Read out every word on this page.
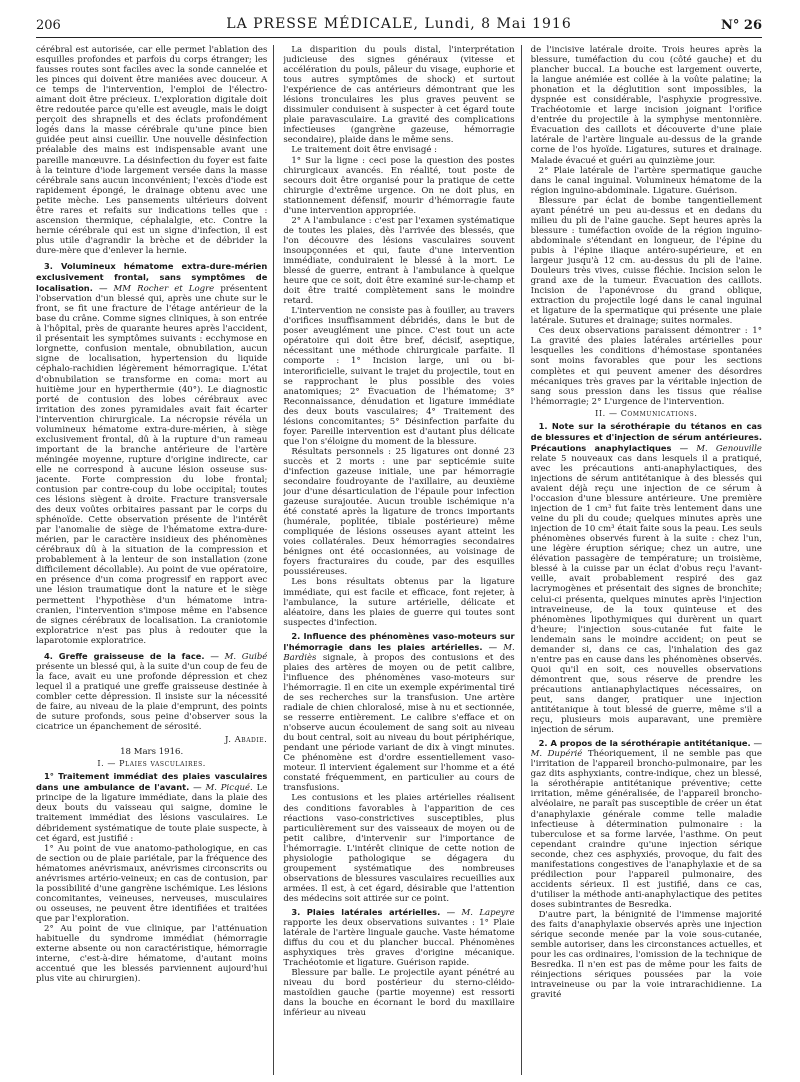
206	LA PRESSE MÉDICALE, Lundi, 8 Mai 1916	N° 26

cérébral est autorisée, car elle permet l'ablation des esquilles profondes et parfois du corps étranger; les fausses routes sont faciles avec la sonde cannelée et les pinces qui doivent être maniées avec douceur. A ce temps de l'intervention, l'emploi de l'électro-aimant doit être précieux. L'exploration digitale doit être redoutée parce qu'elle est aveugle, mais le doigt perçoit des shrapnells et des éclats profondément logés dans la masse cérébrale qu'une pince bien guidée peut ainsi cueillir. Une nouvelle désinfection préalable des mains est indispensable avant une pareille manœuvre. La désinfection du foyer est faite à la teinture d'iode largement versée dans la masse cérébrale sans aucun inconvénient; l'excès d'iode est rapidement épongé, le drainage obtenu avec une petite mèche. Les pansements ultérieurs doivent être rares et refaits sur indications telles que : ascension thermique, céphalalgie, etc. Contre la hernie cérébrale qui est un signe d'infection, il est plus utile d'agrandir la brèche et de débrider la dure-mère que d'enlever la hernie.

3. Volumineux hématome extra-dure-mérien exclusivement frontal, sans symptômes de localisation. — MM Rocher et Logre présentent l'observation d'un blessé qui, après une chute sur le front, se fit une fracture de l'étage antérieur de la base du crâne. Comme signes cliniques, à son entrée à l'hôpital, près de quarante heures après l'accident, il présentait les symptômes suivants : ecchymose en lorgnette, confusion mentale, obnubilation, aucun signe de localisation, hypertension du liquide céphalo-rachidien légèrement hémorragique. L'état d'obnubilation se transforme en coma: mort au huitième jour en hyperthermie (40°). Le diagnostic porté de contusion des lobes cérébraux avec irritation des zones pyramidales avait fait écarter l'intervention chirurgicale. La nécropsie révéla un volumineux hématome extra-dure-mérien, à siège exclusivement frontal, dû à la rupture d'un rameau important de la branche antérieure de l'artère méningée moyenne, rupture d'origine indirecte, car elle ne correspond à aucune lésion osseuse sus-jacente. Forte compression du lobe frontal; contusion par contre-coup du lobe occipital; toutes ces lésions siègent à droite. Fracture transversale des deux voûtes orbitaires passant par le corps du sphénoïde. Cette observation présente de l'intérêt par l'anomalie de siège de l'hématome extra-dure-mérien, par le caractère insidieux des phénomènes cérébraux dû à la situation de la compression et probablement à la lenteur de son installation (zone difficilement décollable). Au point de vue opératoire, en présence d'un coma progressif en rapport avec une lésion traumatique dont la nature et le siège permettent l'hypothèse d'un hématome intra-cranien, l'intervention s'impose même en l'absence de signes cérébraux de localisation. La craniotomie exploratrice n'est pas plus à redouter que la laparotomie exploratrice.

4. Greffe graisseuse de la face. — M. Guibé présente un blessé qui, à la suite d'un coup de feu de la face, avait eu une profonde dépression et chez lequel il a pratiqué une greffe graisseuse destinée à combler cette dépression. Il insiste sur la nécessité de faire, au niveau de la plaie d'emprunt, des points de suture profonds, sous peine d'observer sous la cicatrice un épanchement de sérosité.

J. Abadie.
18 Mars 1916.
I. — Plaies vasculaires.

1° Traitement immédiat des plaies vasculaires dans une ambulance de l'avant. — M. Picqué. Le principe de la ligature immédiate, dans la plaie des deux bouts du vaisseau qui saigne, domine le traitement immédiat des lésions vasculaires. Le débridement systématique de toute plaie suspecte, à cet égard, est justifié :

1° Au point de vue anatomo-pathologique, en cas de section ou de plaie pariétale, par la fréquence des hématomes anévrismaux, anévrismes circonscrits ou anévrismes artério-veineux; en cas de contusion, par la possibilité d'une gangrène ischémique. Les lésions concomitantes, veineuses, nerveuses, musculaires ou osseuses, ne peuvent être identifiées et traitées que par l'exploration.

2° Au point de vue clinique, par l'atténuation habituelle du syndrome immédiat (hémorragie externe absente ou non caractéristique, hémorragie interne, c'est-à-dire hématome, d'autant moins accentué que les blessés parviennent aujourd'hui plus vite au chirurgien).

La disparition du pouls distal, l'interprétation judicieuse des signes généraux (vitesse et accélération du pouls, pâleur du visage, euphorie et tous autres symptômes de shock) et surtout l'expérience de cas antérieurs démontrant que les lésions tronculaires les plus graves peuvent se dissimuler conduisent à suspecter à cet égard toute plaie paravasculaire. La gravité des complications infectieuses (gangrène gazeuse, hémorragie secondaire), plaide dans le même sens.

Le traitement doit être envisagé :

1° Sur la ligne : ceci pose la question des postes chirurgicaux avancés. En réalité, tout poste de secours doit être organisé pour la pratique de cette chirurgie d'extrême urgence. On ne doit plus, en stationnement défensif, mourir d'hémorragie faute d'une intervention appropriée.

2° A l'ambulance : c'est par l'examen systématique de toutes les plaies, dès l'arrivée des blessés, que l'on découvre des lésions vasculaires souvent insoupçonnées et qui, faute d'une intervention immédiate, conduiraient le blessé à la mort. Le blessé de guerre, entrant à l'ambulance à quelque heure que ce soit, doit être examiné sur-le-champ et doit être traité complètement sans le moindre retard.

L'intervention ne consiste pas à fouiller, au travers d'orifices insuffisamment débridés, dans le but de poser aveuglément une pince. C'est tout un acte opératoire qui doit être bref, décisif, aseptique, nécessitant une méthode chirurgicale parfaite. Il comporte : 1° Incision large, uni ou bi-interorificielle, suivant le trajet du projectile, tout en se rapprochant le plus possible des voies anatomiques; 2° Évacuation de l'hématome; 3° Reconnaissance, dénudation et ligature immédiate des deux bouts vasculaires; 4° Traitement des lésions concomitantes; 5° Désinfection parfaite du foyer. Pareille intervention est d'autant plus délicate que l'on s'éloigne du moment de la blessure.

Résultats personnels : 25 ligatures ont donné 23 succès et 2 morts : une par septicémie suite d'infection gazeuse initiale, une par hémorragie secondaire foudroyante de l'axillaire, au deuxième jour d'une désarticulation de l'épaule pour infection gazeuse surajoutée. Aucun trouble ischémique n'a été constaté après la ligature de troncs importants (humérale, poplitée, tibiale postérieure) même compliquée de lésions osseuses ayant atteint les voies collatérales. Deux hémorragies secondaires bénignes ont été occasionnées, au voisinage de foyers fracturaires du coude, par des esquilles poussiéreuses.

Les bons résultats obtenus par la ligature immédiate, qui est facile et efficace, font rejeter, à l'ambulance, la suture artérielle, délicate et aléatoire, dans les plaies de guerre qui toutes sont suspectes d'infection.

2. Influence des phénomènes vaso-moteurs sur l'hémorragie dans les plaies artérielles. — M. Bardiès signale, à propos des contusions et des plaies des artères de moyen ou de petit calibre, l'influence des phénomènes vaso-moteurs sur l'hémorragie. Il en cite un exemple expérimental tiré de ses recherches sur la transfusion. Une artère radiale de chien chloralosé, mise à nu et sectionnée, se resserre entièrement. Le calibre s'efface et on n'observe aucun écoulement de sang soit au niveau du bout central, soit au niveau du bout périphérique, pendant une période variant de dix à vingt minutes. Ce phénomène est d'ordre essentiellement vaso-moteur. Il intervient également sur l'homme et a été constaté fréquemment, en particulier au cours de transfusions.

Les contusions et les plaies artérielles réalisent des conditions favorables à l'apparition de ces réactions vaso-constrictives susceptibles, plus particulièrement sur des vaisseaux de moyen ou de petit calibre, d'intervenir sur l'importance de l'hémorragie. L'intérêt clinique de cette notion de physiologie pathologique se dégagera du groupement systématique des nombreuses observations de blessures vasculaires recueillies aux armées. Il est, à cet égard, désirable que l'attention des médecins soit attirée sur ce point.

3. Plaies latérales artérielles. — M. Lapeyre rapporte les deux observations suivantes : 1° Plaie latérale de l'artère linguale gauche. Vaste hématome diffus du cou et du plancher buccal. Phénomènes asphyxiques très graves d'origine mécanique. Trachéotomie et ligature. Guérison rapide.

Blessure par balle. Le projectile ayant pénétré au niveau du bord postérieur du sterno-cléido-mastoïdien gauche (partie moyenne) est ressorti dans la bouche en écornant le bord du maxillaire inférieur au niveau

de l'incisive latérale droite. Trois heures après la blessure, tuméfaction du cou (côté gauche) et du plancher buccal. La bouche est largement ouverte, la langue anémiée est collée à la voûte palatine; la phonation et la déglutition sont impossibles, la dyspnée est considérable, l'asphyxie progressive. Trachéotomie et large incision joignant l'orifice d'entrée du projectile à la symphyse mentonnière. Évacuation des caillots et découverte d'une plaie latérale de l'artère linguale au-dessus de la grande corne de l'os hyoïde. Ligatures, sutures et drainage. Malade évacué et guéri au quinzième jour.

2° Plaie latérale de l'artère spermatique gauche dans le canal inguinal. Volumineux hématome de la région inguino-abdominale. Ligature. Guérison.

Blessure par éclat de bombe tangentiellement ayant pénétré un peu au-dessus et en dedans du milieu du pli de l'aine gauche. Sept heures après la blessure : tuméfaction ovoïde de la région inguino-abdominale s'étendant en longueur, de l'épine du pubis à l'épine iliaque antéro-supérieure, et en largeur jusqu'à 12 cm. au-dessus du pli de l'aine. Douleurs très vives, cuisse fléchie. Incision selon le grand axe de la tumeur. Évacuation des caillots. Incision de l'aponévrose du grand oblique, extraction du projectile logé dans le canal inguinal et ligature de la spermatique qui présente une plaie latérale. Sutures et drainage; suites normales.

Ces deux observations paraissent démontrer : 1° La gravité des plaies latérales artérielles pour lesquelles les conditions d'hémostase spontanées sont moins favorables que pour les sections complètes et qui peuvent amener des désordres mécaniques très graves par la véritable injection de sang sous pression dans les tissus que réalise l'hémorragie; 2° L'urgence de l'intervention.

II. — Communications.

1. Note sur la sérothérapie du tétanos en cas de blessures et d'injection de sérum antérieures. Précautions anaphylactiques — M. Genouville relate 5 nouveaux cas dans lesquels il a pratiqué, avec les précautions anti-anaphylactiques, des injections de sérum antitétanique à des blessés qui avaient déjà reçu une injection de ce sérum à l'occasion d'une blessure antérieure. Une première injection de 1 cm³ fut faite très lentement dans une veine du pli du coude; quelques minutes après une injection de 10 cm³ était faite sous la peau. Les seuls phénomènes observés furent à la suite : chez l'un, une légère éruption sérique; chez un autre, une élévation passagère de température; un troisième, blessé à la cuisse par un éclat d'obus reçu l'avant-veille, avait probablement respiré des gaz lacrymogènes et présentait des signes de bronchite; celui-ci présenta, quelques minutes après l'injection intraveineuse, de la toux quinteuse et des phénomènes lipothymiques qui durèrent un quart d'heure; l'injection sous-cutanée fut faite le lendemain sans le moindre accident; on peut se demander si, dans ce cas, l'inhalation des gaz n'entre pas en cause dans les phénomènes observés. Quoi qu'il en soit, ces nouvelles observations démontrent que, sous réserve de prendre les précautions antianaphylactiques nécessaires, on peut, sans danger, pratiquer une injection antitétanique à tout blessé de guerre, même s'il a reçu, plusieurs mois auparavant, une première injection de sérum.

2. A propos de la sérothérapie antitétanique. — M. Dupérié Théoriquement, il ne semble pas que l'irritation de l'appareil broncho-pulmonaire, par les gaz dits asphyxiants, contre-indique, chez un blessé, la sérothérapie antitétanique préventive; cette irritation, même généralisée, de l'appareil broncho-alvéolaire, ne paraît pas susceptible de créer un état d'anaphylaxie générale comme telle maladie infectieuse à détermination pulmonaire : la tuberculose et sa forme larvée, l'asthme. On peut cependant craindre qu'une injection sérique seconde, chez ces asphyxiés, provoque, du fait des manifestations congestives de l'anaphylaxie et de sa prédilection pour l'appareil pulmonaire, des accidents sérieux. Il est justifié, dans ce cas, d'utiliser la méthode anti-anaphylactique des petites doses subintrantes de Besredka.

D'autre part, la bénignité de l'immense majorité des faits d'anaphylaxie observés après une injection sérique seconde menée par la voie sous-cutanée, semble autoriser, dans les circonstances actuelles, et pour les cas ordinaires, l'omission de la technique de Besredka. Il n'en est pas de même pour les faits de réinjections sériques poussées par la voie intraveineuse ou par la voie intrarachidienne. La gravité
